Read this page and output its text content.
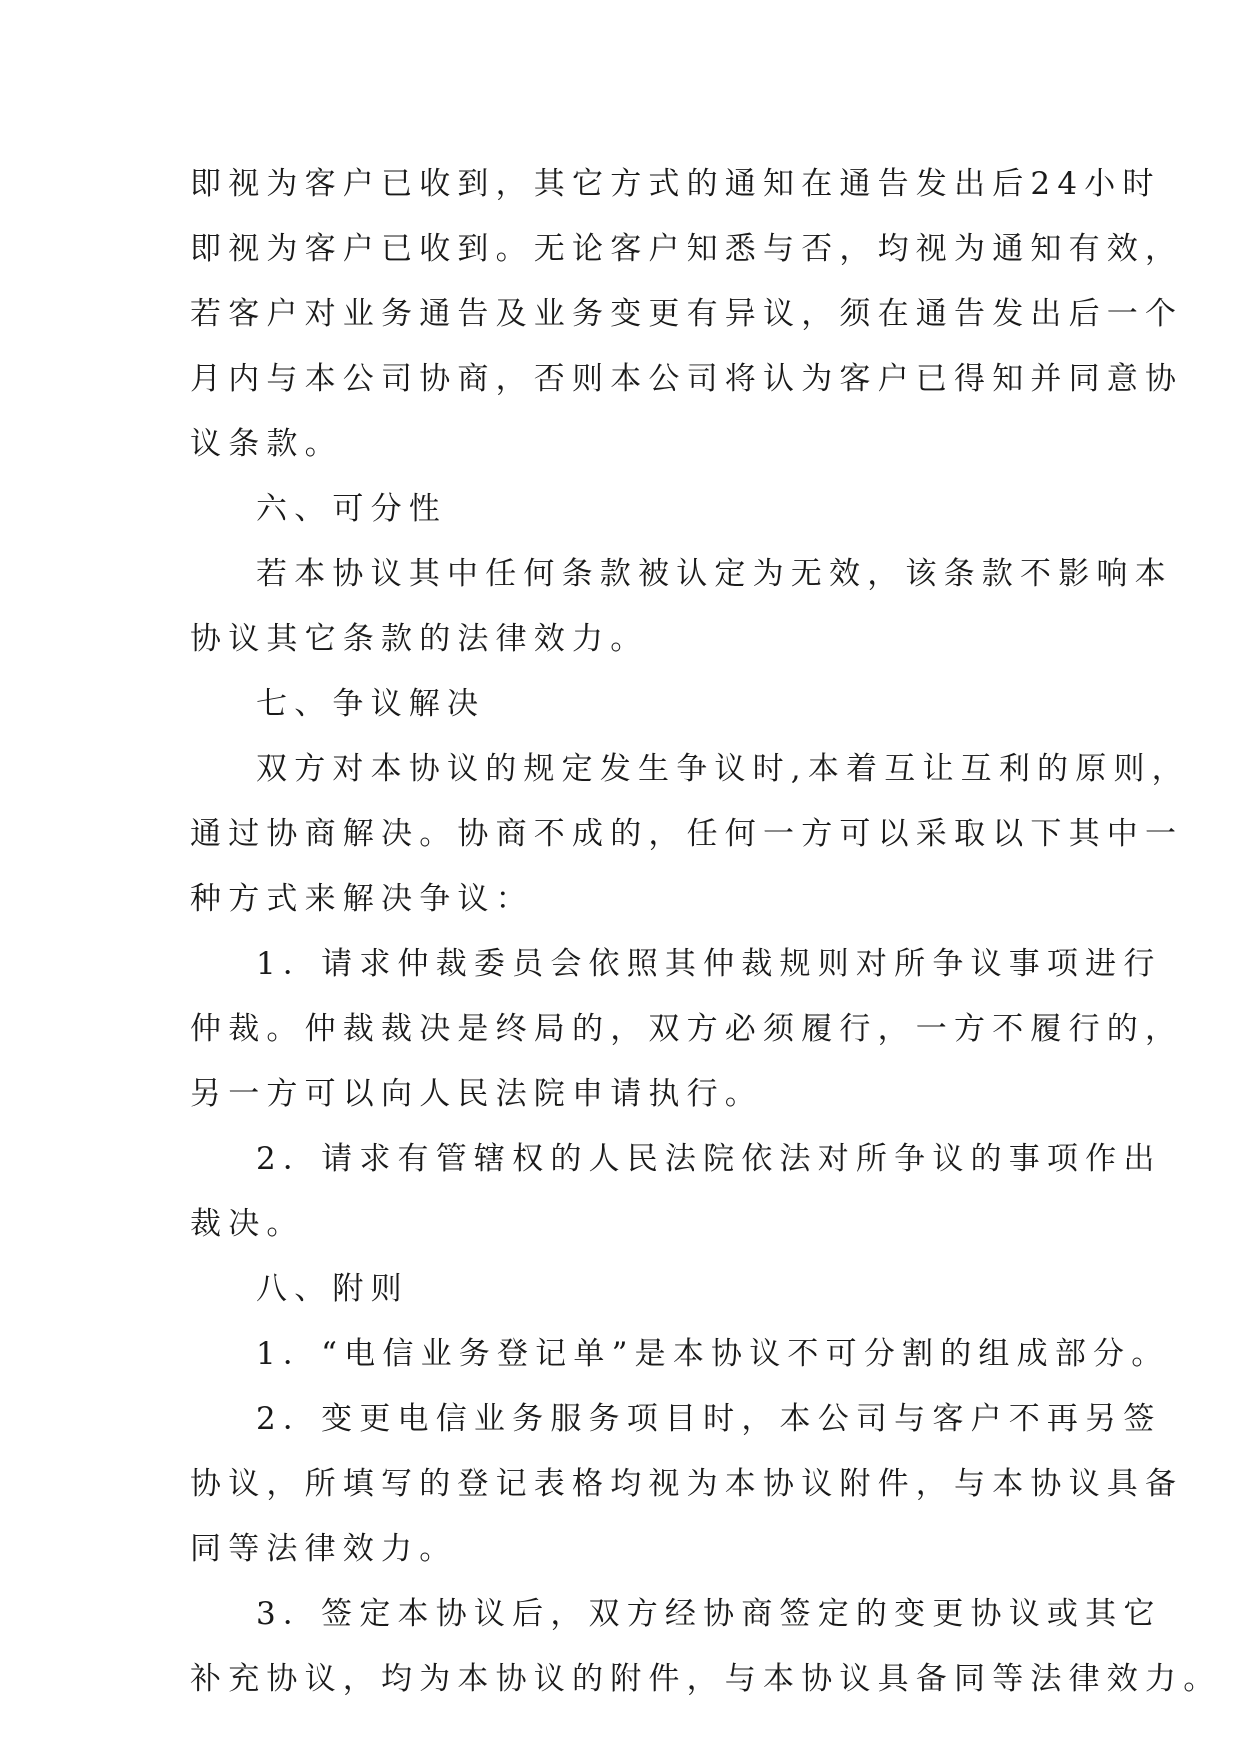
即视为客户已收到，其它方式的通知在通告发出后24小时
即视为客户已收到。无论客户知悉与否，均视为通知有效，
若客户对业务通告及业务变更有异议，须在通告发出后一个
月内与本公司协商，否则本公司将认为客户已得知并同意协
议条款。
六、可分性
若本协议其中任何条款被认定为无效，该条款不影响本
协议其它条款的法律效力。
七、争议解决
双方对本协议的规定发生争议时,本着互让互利的原则，
通过协商解决。协商不成的，任何一方可以采取以下其中一
种方式来解决争议：
1．请求仲裁委员会依照其仲裁规则对所争议事项进行
仲裁。仲裁裁决是终局的，双方必须履行，一方不履行的，
另一方可以向人民法院申请执行。
2．请求有管辖权的人民法院依法对所争议的事项作出
裁决。
八、附则
1．“电信业务登记单”是本协议不可分割的组成部分。
2．变更电信业务服务项目时，本公司与客户不再另签
协议，所填写的登记表格均视为本协议附件，与本协议具备
同等法律效力。
3．签定本协议后，双方经协商签定的变更协议或其它
补充协议，均为本协议的附件，与本协议具备同等法律效力。
